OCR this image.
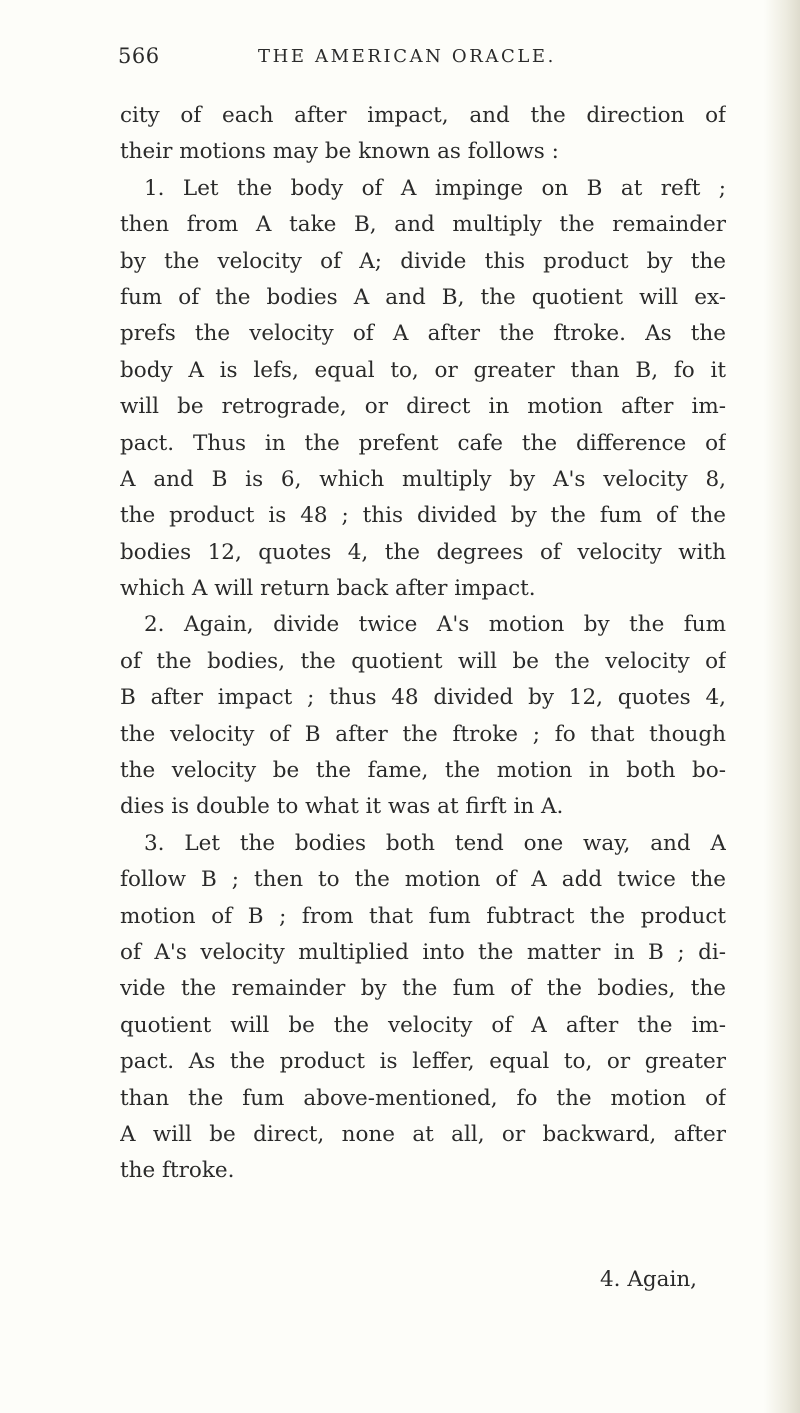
566	THE AMERICAN ORACLE.
city of each after impact, and the direction of
their motions may be known as follows :
1. Let the body of A impinge on B at reft ;
then from A take B, and multiply the remainder
by the velocity of A; divide this product by the
fum of the bodies A and B, the quotient will ex-
prefs the velocity of A after the ftroke. As the
body A is lefs, equal to, or greater than B, fo it
will be retrograde, or direct in motion after im-
pact. Thus in the prefent cafe the difference of
A and B is 6, which multiply by A's velocity 8,
the product is 48 ; this divided by the fum of the
bodies 12, quotes 4, the degrees of velocity with
which A will return back after impact.
2. Again, divide twice A's motion by the fum
of the bodies, the quotient will be the velocity of
B after impact ; thus 48 divided by 12, quotes 4,
the velocity of B after the ftroke ; fo that though
the velocity be the fame, the motion in both bo-
dies is double to what it was at firft in A.
3. Let the bodies both tend one way, and A
follow B ; then to the motion of A add twice the
motion of B ; from that fum fubtract the product
of A's velocity multiplied into the matter in B ; di-
vide the remainder by the fum of the bodies, the
quotient will be the velocity of A after the im-
pact. As the product is leffer, equal to, or greater
than the fum above-mentioned, fo the motion of
A will be direct, none at all, or backward, after
the ftroke.
4. Again,
